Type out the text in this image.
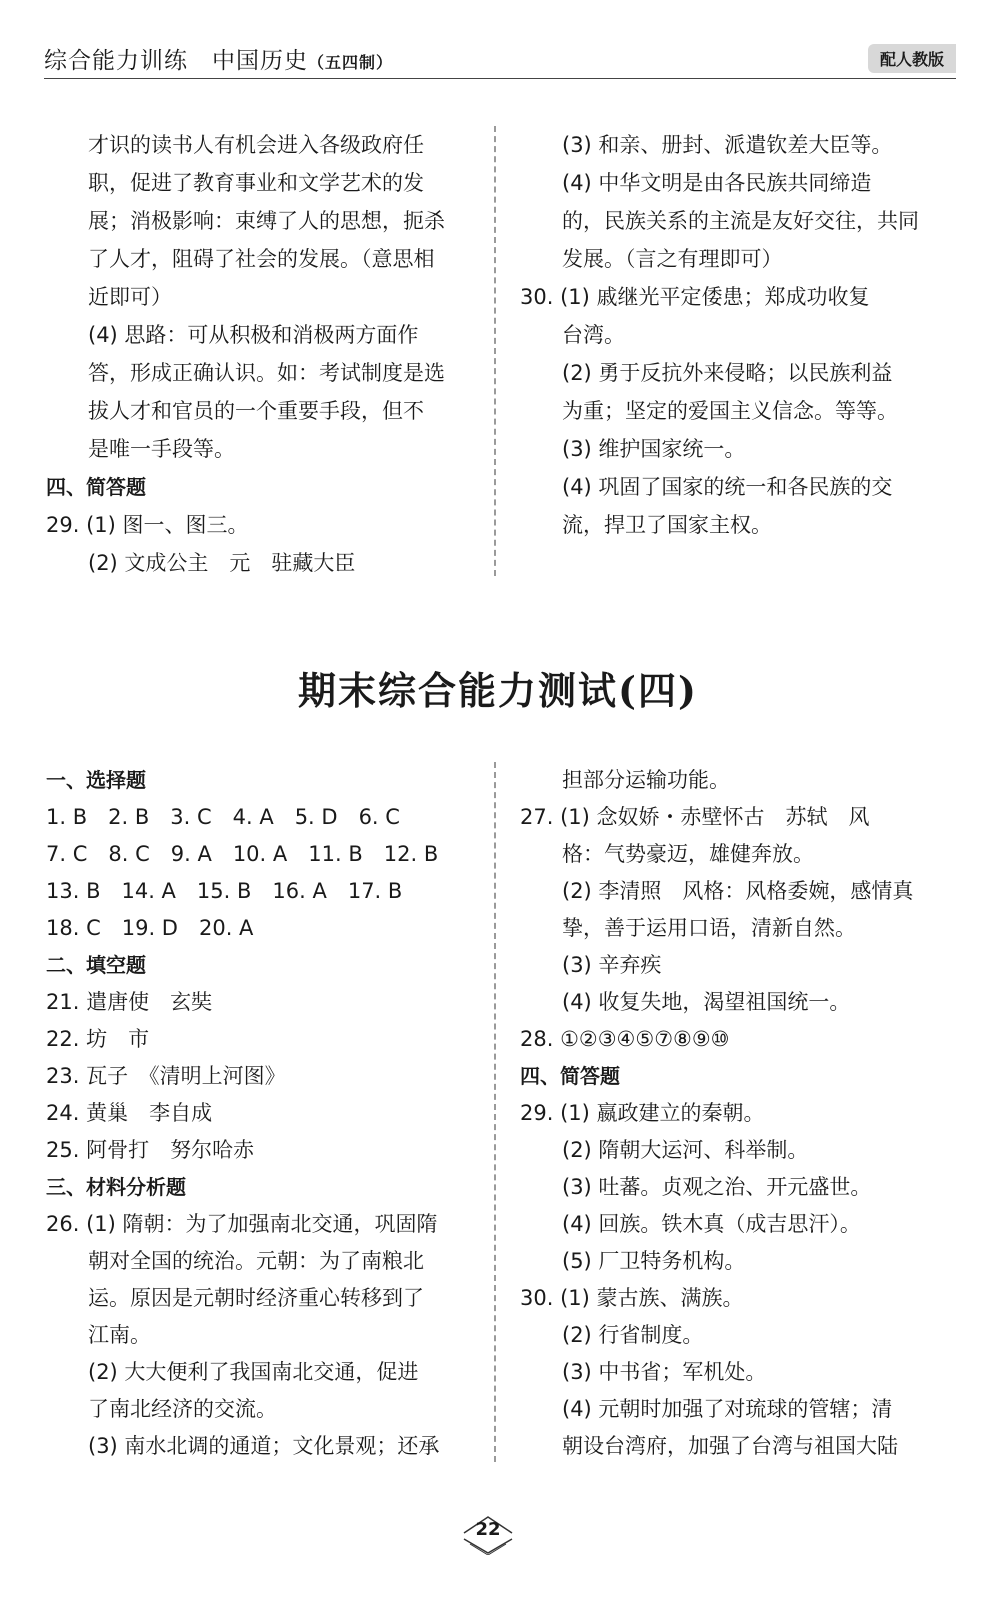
综合能力训练　中国历史（五四制）	配人教版

才识的读书人有机会进入各级政府任

职，促进了教育事业和文学艺术的发

展；消极影响：束缚了人的思想，扼杀

了人才，阻碍了社会的发展。（意思相

近即可）

(4) 思路：可从积极和消极两方面作

答，形成正确认识。如：考试制度是选

拔人才和官员的一个重要手段，但不

是唯一手段等。

四、简答题

29. (1) 图一、图三。

(2) 文成公主　元　驻藏大臣

(3) 和亲、册封、派遣钦差大臣等。

(4) 中华文明是由各民族共同缔造

的，民族关系的主流是友好交往，共同

发展。（言之有理即可）

30. (1) 戚继光平定倭患；郑成功收复

台湾。

(2) 勇于反抗外来侵略；以民族利益

为重；坚定的爱国主义信念。等等。

(3) 维护国家统一。

(4) 巩固了国家的统一和各民族的交

流，捍卫了国家主权。

期末综合能力测试(四)

一、选择题

1. B　2. B　3. C　4. A　5. D　6. C

7. C　8. C　9. A　10. A　11. B　12. B

13. B　14. A　15. B　16. A　17. B

18. C　19. D　20. A

二、填空题

21. 遣唐使　玄奘

22. 坊　市

23. 瓦子　《清明上河图》

24. 黄巢　李自成

25. 阿骨打　努尔哈赤

三、材料分析题

26. (1) 隋朝：为了加强南北交通，巩固隋

朝对全国的统治。元朝：为了南粮北

运。原因是元朝时经济重心转移到了

江南。

(2) 大大便利了我国南北交通，促进

了南北经济的交流。

(3) 南水北调的通道；文化景观；还承

担部分运输功能。

27. (1) 念奴娇・赤壁怀古　苏轼　风

格：气势豪迈，雄健奔放。

(2) 李清照　风格：风格委婉，感情真

挚，善于运用口语，清新自然。

(3) 辛弃疾

(4) 收复失地，渴望祖国统一。

28. ①②③④⑤⑦⑧⑨⑩

四、简答题

29. (1) 嬴政建立的秦朝。

(2) 隋朝大运河、科举制。

(3) 吐蕃。贞观之治、开元盛世。

(4) 回族。铁木真（成吉思汗）。

(5) 厂卫特务机构。

30. (1) 蒙古族、满族。

(2) 行省制度。

(3) 中书省；军机处。

(4) 元朝时加强了对琉球的管辖；清

朝设台湾府，加强了台湾与祖国大陆

22
